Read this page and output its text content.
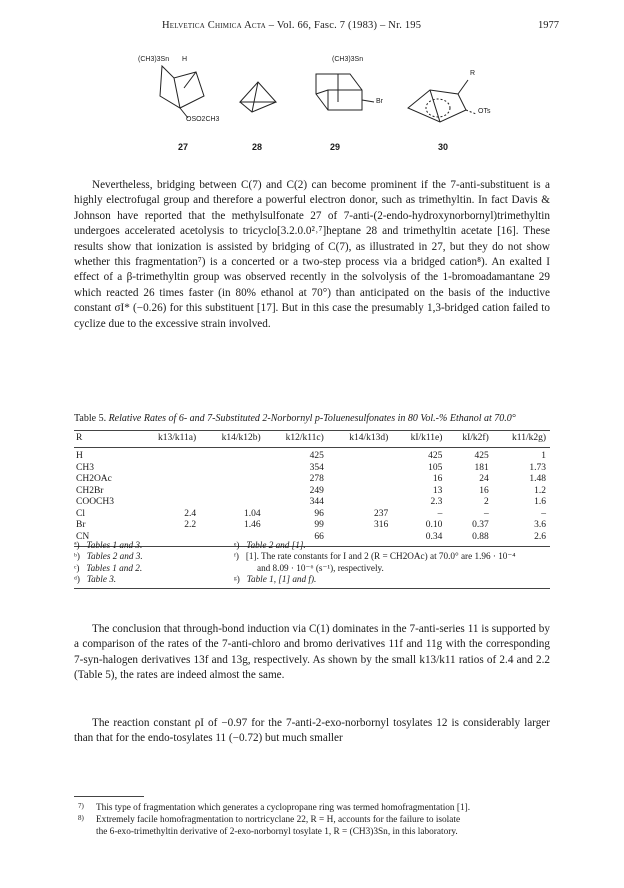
Helvetica Chimica Acta – Vol. 66, Fasc. 7 (1983) – Nr. 195	1977
(CH3)3Sn H
OSO2CH3
(CH3)3Sn
Br
R
OTs
27	28	29	30

Nevertheless, bridging between C(7) and C(2) can become prominent if the 7-anti-substituent is a highly electrofugal group and therefore a powerful electron donor, such as trimethyltin. In fact Davis & Johnson have reported that the methylsulfonate 27 of 7-anti-(2-endo-hydroxynorbornyl)trimethyltin undergoes accelerated acetolysis to tricyclo[3.2.0.0²˒⁷]heptane 28 and trimethyltin acetate [16]. These results show that ionization is assisted by bridging of C(7), as illustrated in 27, but they do not show whether this fragmentation⁷) is a concerted or a two-step process via a bridged cation⁸). An exalted I effect of a β-trimethyltin group was observed recently in the solvolysis of the 1-bromoadamantane 29 which reacted 26 times faster (in 80% ethanol at 70°) than anticipated on the basis of the inductive constant σI* (−0.26) for this substituent [17]. But in this case the presumably 1,3-bridged cation failed to cyclize due to the excessive strain involved.

Table 5. Relative Rates of 6- and 7-Substituted 2-Norbornyl p-Toluenesulfonates in 80 Vol.-% Ethanol at 70.0°
R	k13/k11a)	k14/k12b)	k12/k11c)	k14/k13d)	kI/k11e)	kI/k2f)	k11/k2g)
H			425		425	425	1
CH3			354		105	181	1.73
CH2OAc			278		16	24	1.48
CH2Br			249		13	16	1.2
COOCH3			344		2.3	2	1.6
Cl	2.4	1.04	96	237	–	–	–
Br	2.2	1.46	99	316	0.10	0.37	3.6
CN			66		0.34	0.88	2.6
ª)   Tables 1 and 3.
ᵇ)   Tables 2 and 3.
ᶜ)   Tables 1 and 2.
ᵈ)   Table 3.
ᵉ)   Table 2 and [1].
ᶠ)   [1]. The rate constants for I and 2 (R = CH2OAc) at 70.0° are 1.96 · 10⁻⁴
and 8.09 · 10⁻⁶ (s⁻¹), respectively.
ᵍ)   Table 1, [1] and f).

The conclusion that through-bond induction via C(1) dominates in the 7-anti-series 11 is supported by a comparison of the rates of the 7-anti-chloro and bromo derivatives 11f and 11g with the corresponding 7-syn-halogen derivatives 13f and 13g, respectively. As shown by the small k13/k11 ratios of 2.4 and 2.2 (Table 5), the rates are indeed almost the same.

The reaction constant ρI of −0.97 for the 7-anti-2-exo-norbornyl tosylates 12 is considerably larger than that for the endo-tosylates 11 (−0.72) but much smaller

7) This type of fragmentation which generates a cyclopropane ring was termed homofragmentation [1].
8) Extremely facile homofragmentation to nortricyclane 22, R = H, accounts for the failure to isolate
the 6-exo-trimethyltin derivative of 2-exo-norbornyl tosylate 1, R = (CH3)3Sn, in this laboratory.
